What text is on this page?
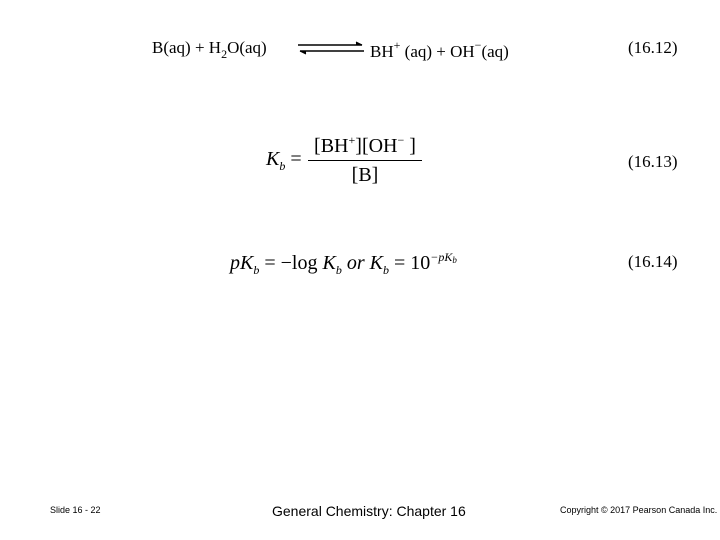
$B(aq) + H_2O(aq)$	BH+ (aq) + OH−(aq)	(16.12)
$K_b$ =
[BH+][OH− ]
[B]
(16.13)
$pK_b = -\log$ $K_b$ or $K_b = 10^{-pKb}$	(16.14)
Slide 16 - 22	General Chemistry: Chapter 16	Copyright © 2017 Pearson Canada Inc.
